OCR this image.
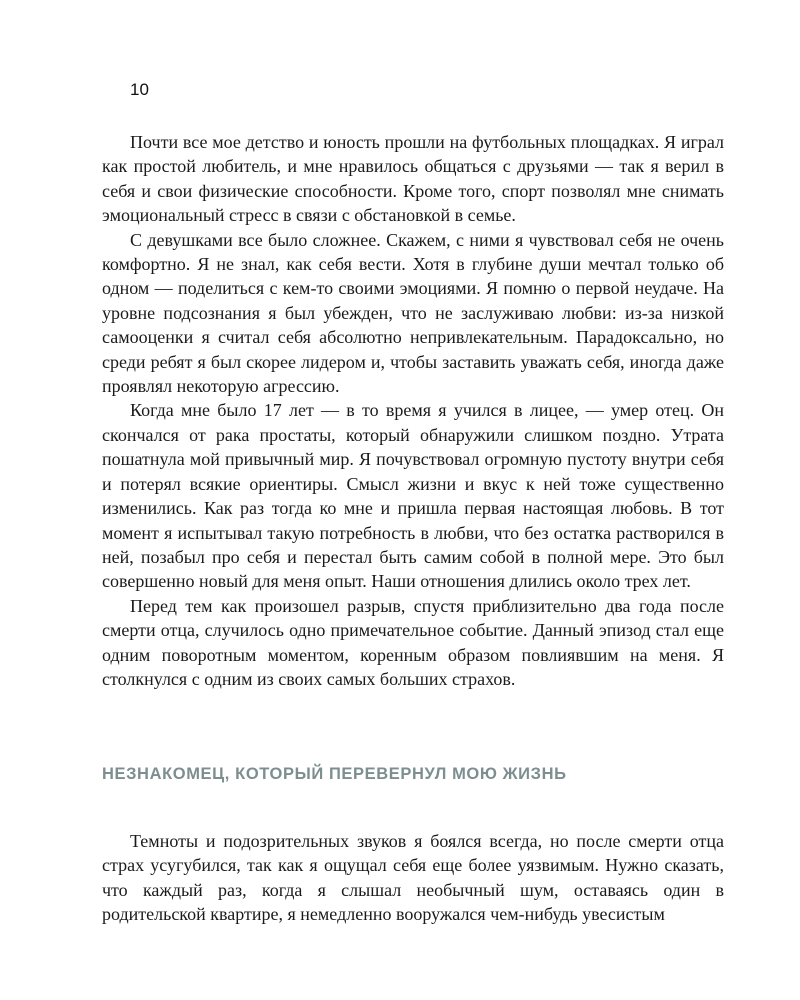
10

Почти все мое детство и юность прошли на футбольных площадках. Я играл как простой любитель, и мне нравилось общаться с друзьями — так я верил в себя и свои физические способности. Кроме того, спорт позволял мне снимать эмоциональный стресс в связи с обстановкой в семье.

С девушками все было сложнее. Скажем, с ними я чувствовал себя не очень комфортно. Я не знал, как себя вести. Хотя в глубине души мечтал только об одном — поделиться с кем-то своими эмоциями. Я помню о первой неудаче. На уровне подсознания я был убежден, что не заслуживаю любви: из-за низкой самооценки я считал себя абсолютно непривлекательным. Парадоксально, но среди ребят я был скорее лидером и, чтобы заставить уважать себя, иногда даже проявлял некоторую агрессию.

Когда мне было 17 лет — в то время я учился в лицее, — умер отец. Он скончался от рака простаты, который обнаружили слишком поздно. Утрата пошатнула мой привычный мир. Я почувствовал огромную пустоту внутри себя и потерял всякие ориентиры. Смысл жизни и вкус к ней тоже существенно изменились. Как раз тогда ко мне и пришла первая настоящая любовь. В тот момент я испытывал такую потребность в любви, что без остатка растворился в ней, позабыл про себя и перестал быть самим собой в полной мере. Это был совершенно новый для меня опыт. Наши отношения длились около трех лет.

Перед тем как произошел разрыв, спустя приблизительно два года после смерти отца, случилось одно примечательное событие. Данный эпизод стал еще одним поворотным моментом, коренным образом повлиявшим на меня. Я столкнулся с одним из своих самых больших страхов.

НЕЗНАКОМЕЦ, КОТОРЫЙ ПЕРЕВЕРНУЛ МОЮ ЖИЗНЬ

Темноты и подозрительных звуков я боялся всегда, но после смерти отца страх усугубился, так как я ощущал себя еще более уязвимым. Нужно сказать, что каждый раз, когда я слышал необычный шум, оставаясь один в родительской квартире, я немедленно вооружался чем-нибудь увесистым
